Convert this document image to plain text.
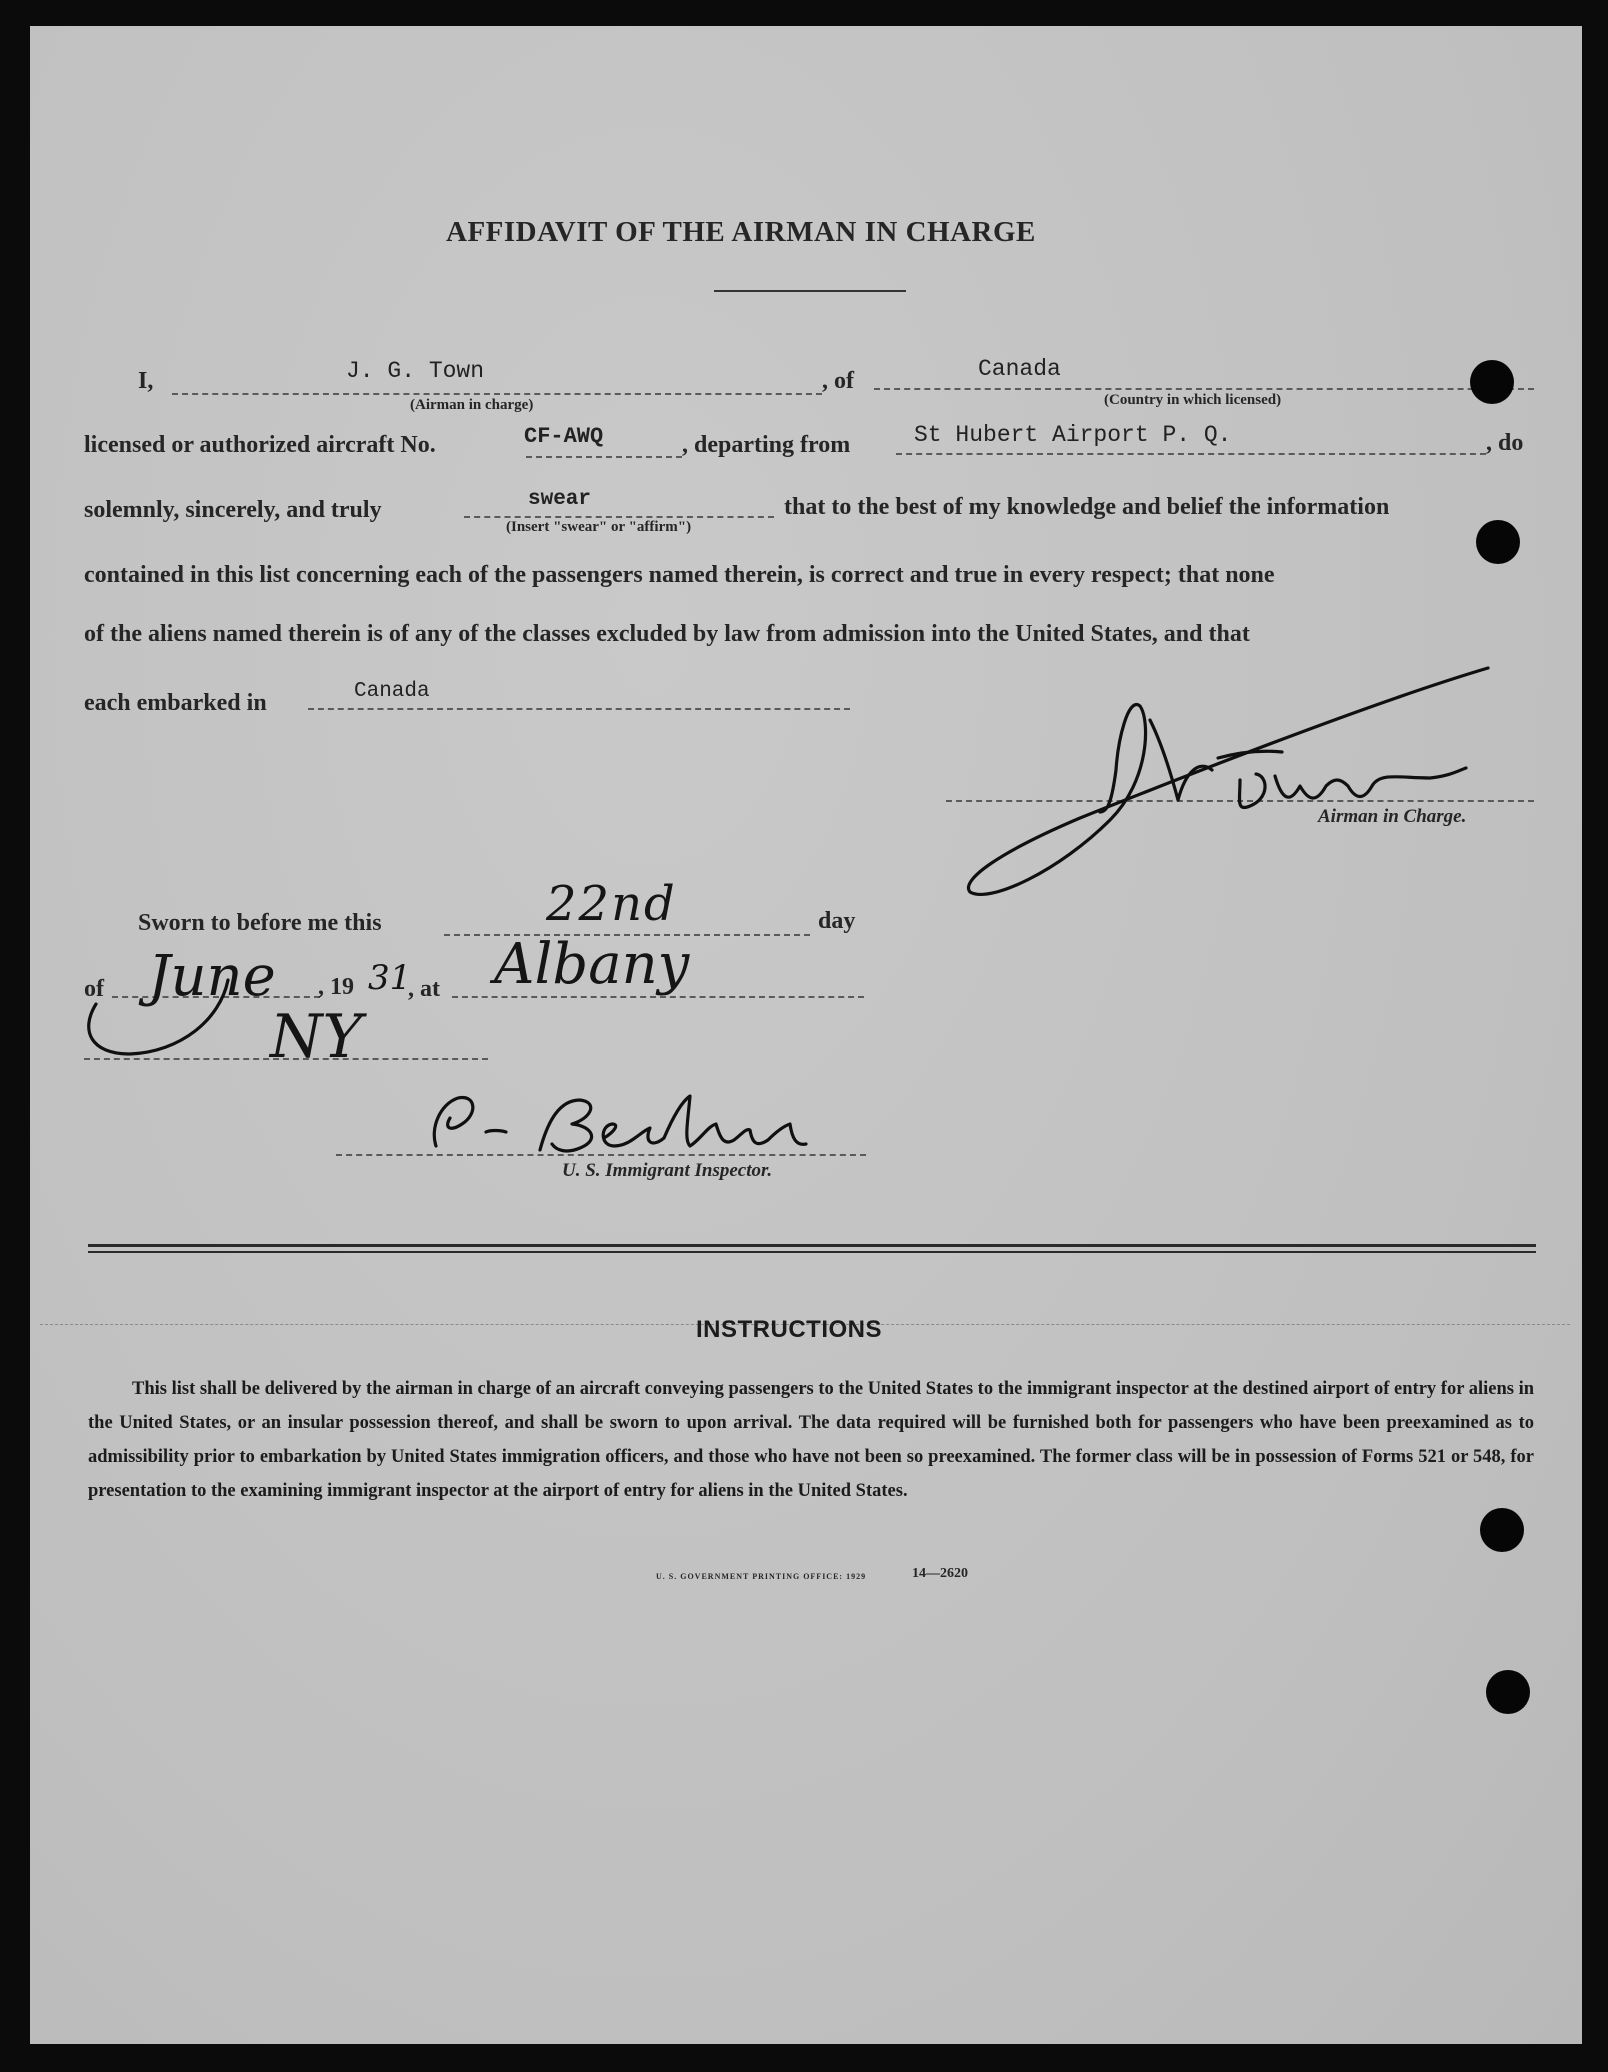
AFFIDAVIT OF THE AIRMAN IN CHARGE
I,	J. G. Town
(Airman in charge)
, of	Canada
(Country in which licensed)
licensed or authorized aircraft No.	CF-AWQ	, departing from	St Hubert Airport P. Q.	, do
solemnly, sincerely, and truly	swear
(Insert "swear" or "affirm")
that to the best of my knowledge and belief the information
contained in this list concerning each of the passengers named therein, is correct and true in every respect; that none
of the aliens named therein is of any of the classes excluded by law from admission into the United States, and that
each embarked in	Canada
Airman in Charge.
Sworn to before me this	22nd	day
of June , 19 31
, at Albany
NY
U. S. Immigrant Inspector.
INSTRUCTIONS
This list shall be delivered by the airman in charge of an aircraft conveying passengers to the United States to the immigrant inspector at the destined airport of entry for aliens in the United States, or an insular possession thereof, and shall be sworn to upon arrival. The data required will be furnished both for passengers who have been preexamined as to admissibility prior to embarkation by United States immigration officers, and those who have not been so preexamined. The former class will be in possession of Forms 521 or 548, for presentation to the examining immigrant inspector at the airport of entry for aliens in the United States.
U. S. GOVERNMENT PRINTING OFFICE: 1929	14—2620
